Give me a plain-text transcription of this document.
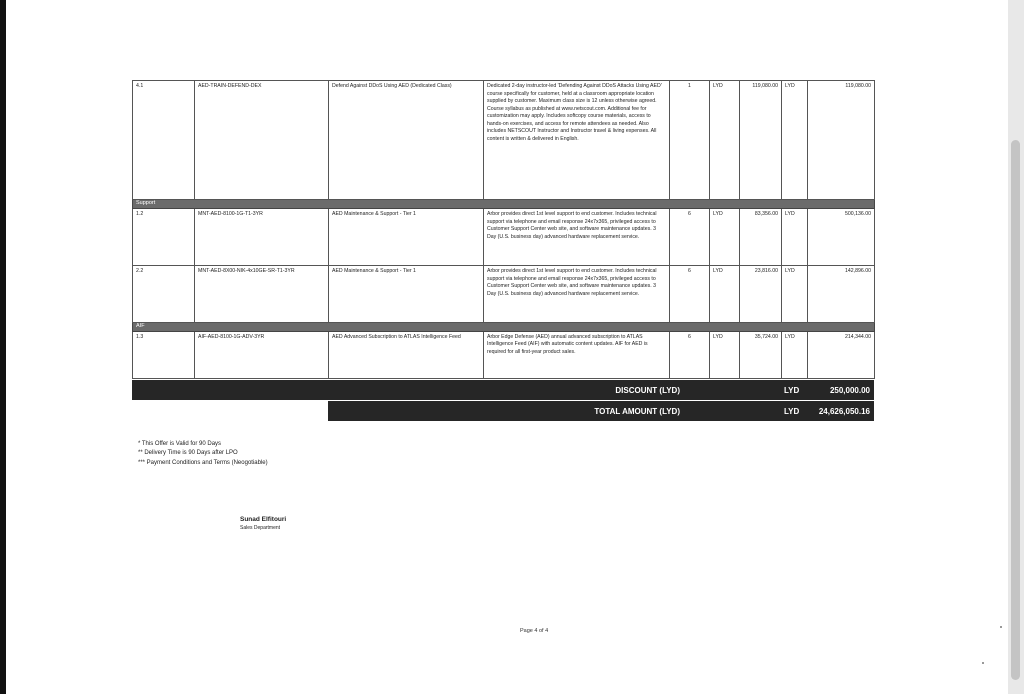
4.1	AED-TRAIN-DEFEND-DEX	Defend Against DDoS Using AED (Dedicated Class)	Dedicated 2-day instructor-led 'Defending Against DDoS Attacks Using AED' course specifically for customer, held at a classroom appropriate location supplied by customer. Maximum class size is 12 unless otherwise agreed. Course syllabus as published at www.netscout.com. Additional fee for customization may apply. Includes softcopy course materials, access to hands-on exercises, and access for remote attendees as needed. Also includes NETSCOUT Instructor and Instructor travel & living expenses. All content is written & delivered in English.	1	LYD	119,080.00	LYD	119,080.00
Support								
1.2	MNT-AED-8100-1G-T1-3YR	AED Maintenance & Support - Tier 1	Arbor provides direct 1st level support to end customer. Includes technical support via telephone and email response 24x7x365, privileged access to Customer Support Center web site, and software maintenance updates. 3 Day (U.S. business day) advanced hardware replacement service.	6	LYD	83,356.00	LYD	500,136.00
2.2	MNT-AED-8X00-NIK-4x10GE-SR-T1-3YR	AED Maintenance & Support - Tier 1	Arbor provides direct 1st level support to end customer. Includes technical support via telephone and email response 24x7x365, privileged access to Customer Support Center web site, and software maintenance updates. 3 Day (U.S. business day) advanced hardware replacement service.	6	LYD	23,816.00	LYD	142,896.00
AIF								
1.3	AIF-AED-8100-1G-ADV-3YR	AED Advanced Subscription to ATLAS Intelligence Feed	Arbor Edge Defense (AED) annual advanced subscription to ATLAS Intelligence Feed (AIF) with automatic content updates. AIF for AED is required for all first-year product sales.	6	LYD	35,724.00	LYD	214,344.00
DISCOUNT (LYD)	LYD	250,000.00
TOTAL AMOUNT (LYD)	LYD 24,626,050.16
* This Offer is Valid for 90 Days
** Delivery Time is 90 Days after LPO
*** Payment Conditions and Terms (Neogotiable)
Sunad Elfitouri
Sales Department
Page 4 of 4
